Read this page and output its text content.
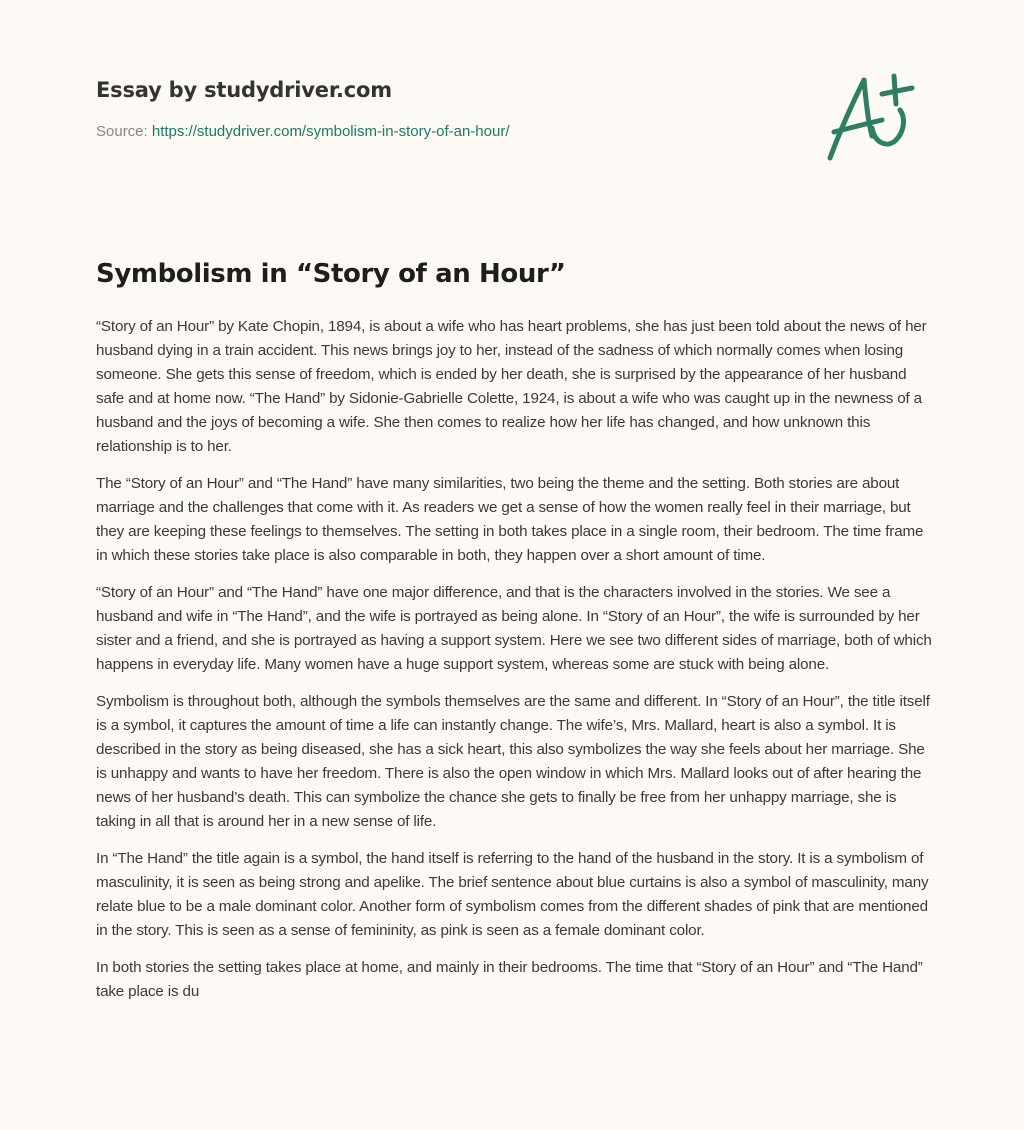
Essay by studydriver.com
Source: https://studydriver.com/symbolism-in-story-of-an-hour/
Symbolism in “Story of an Hour”

“Story of an Hour” by Kate Chopin, 1894, is about a wife who has heart problems, she has just been told about the news of her husband dying in a train accident. This news brings joy to her, instead of the sadness of which normally comes when losing someone. She gets this sense of freedom, which is ended by her death, she is surprised by the appearance of her husband safe and at home now. “The Hand” by Sidonie-Gabrielle Colette, 1924, is about a wife who was caught up in the newness of a husband and the joys of becoming a wife. She then comes to realize how her life has changed, and how unknown this relationship is to her.

The “Story of an Hour” and “The Hand” have many similarities, two being the theme and the setting. Both stories are about marriage and the challenges that come with it. As readers we get a sense of how the women really feel in their marriage, but they are keeping these feelings to themselves. The setting in both takes place in a single room, their bedroom. The time frame in which these stories take place is also comparable in both, they happen over a short amount of time.

“Story of an Hour” and “The Hand” have one major difference, and that is the characters involved in the stories. We see a husband and wife in “The Hand”, and the wife is portrayed as being alone. In “Story of an Hour”, the wife is surrounded by her sister and a friend, and she is portrayed as having a support system. Here we see two different sides of marriage, both of which happens in everyday life. Many women have a huge support system, whereas some are stuck with being alone.

Symbolism is throughout both, although the symbols themselves are the same and different. In “Story of an Hour”, the title itself is a symbol, it captures the amount of time a life can instantly change. The wife’s, Mrs. Mallard, heart is also a symbol. It is described in the story as being diseased, she has a sick heart, this also symbolizes the way she feels about her marriage. She is unhappy and wants to have her freedom. There is also the open window in which Mrs. Mallard looks out of after hearing the news of her husband’s death. This can symbolize the chance she gets to finally be free from her unhappy marriage, she is taking in all that is around her in a new sense of life.

In “The Hand” the title again is a symbol, the hand itself is referring to the hand of the husband in the story. It is a symbolism of masculinity, it is seen as being strong and apelike. The brief sentence about blue curtains is also a symbol of masculinity, many relate blue to be a male dominant color. Another form of symbolism comes from the different shades of pink that are mentioned in the story. This is seen as a sense of femininity, as pink is seen as a female dominant color.

In both stories the setting takes place at home, and mainly in their bedrooms. The time that “Story of an Hour” and “The Hand” take place is du
